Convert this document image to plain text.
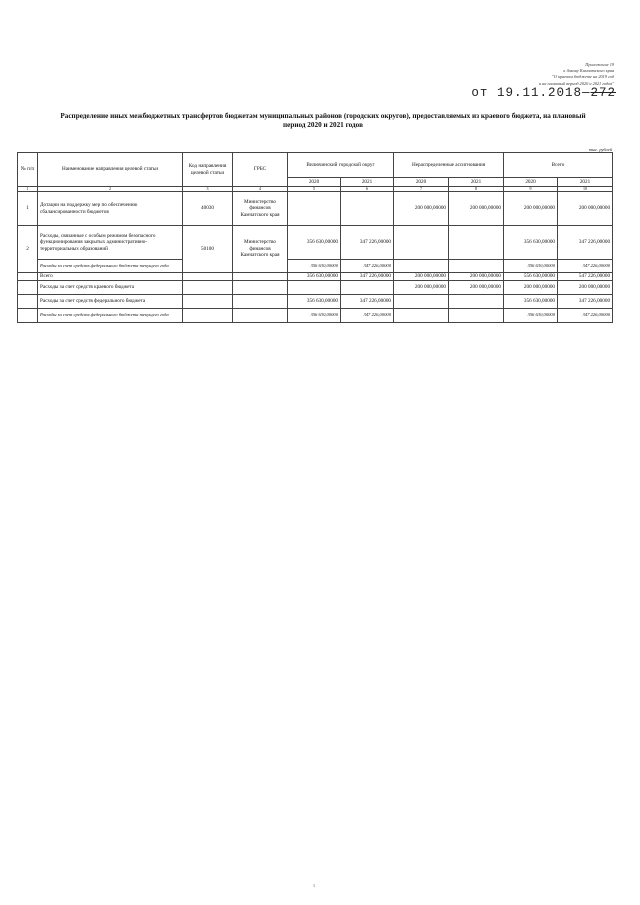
Приложение 19
к Закону Камчатского края
"О краевом бюджете на 2019 год
и на плановый период 2020 и 2021 годов"
от 19.11.2018—272
Распределение иных межбюджетных трансфертов бюджетам муниципальных районов (городских округов), предоставляемых из краевого бюджета, на плановый
период 2020 и 2021 годов
тыс. рублей
№ п/п	Наименование направления целевой статьи	Код направления целевой статьи	ГРБС	Вилючинский городской округ		Нераспределенные ассигнования		Всего	
				2020	2021	2020	2021	2020	2021
1	2	3	4	5	6	7	8	9	10
1	Дотации на поддержку мер по обеспечению сбалансированности бюджетов	40030	Министерство финансов Камчатского края			200 000,00000	200 000,00000	200 000,00000	200 000,00000
2	Расходы, связанные с особым режимом безопасного функционирования закрытых административно-территориальных образований	50100	Министерство финансов Камчатского края	356 630,00000	347 226,00000			356 630,00000	347 226,00000
	Расходы за счет средств федерального бюджета текущего года			356 630,00000	347 226,00000			356 630,00000	347 226,00000
	Всего			356 630,00000	347 226,00000	200 000,00000	200 000,00000	556 630,00000	547 226,00000
	Расходы за счет средств краевого бюджета					200 000,00000	200 000,00000	200 000,00000	200 000,00000
	Расходы за счет средств федерального бюджета			356 630,00000	347 226,00000			356 630,00000	347 226,00000
	Расходы за счет средств федерального бюджета текущего года			356 630,00000	347 226,00000			356 630,00000	347 226,00000
1
